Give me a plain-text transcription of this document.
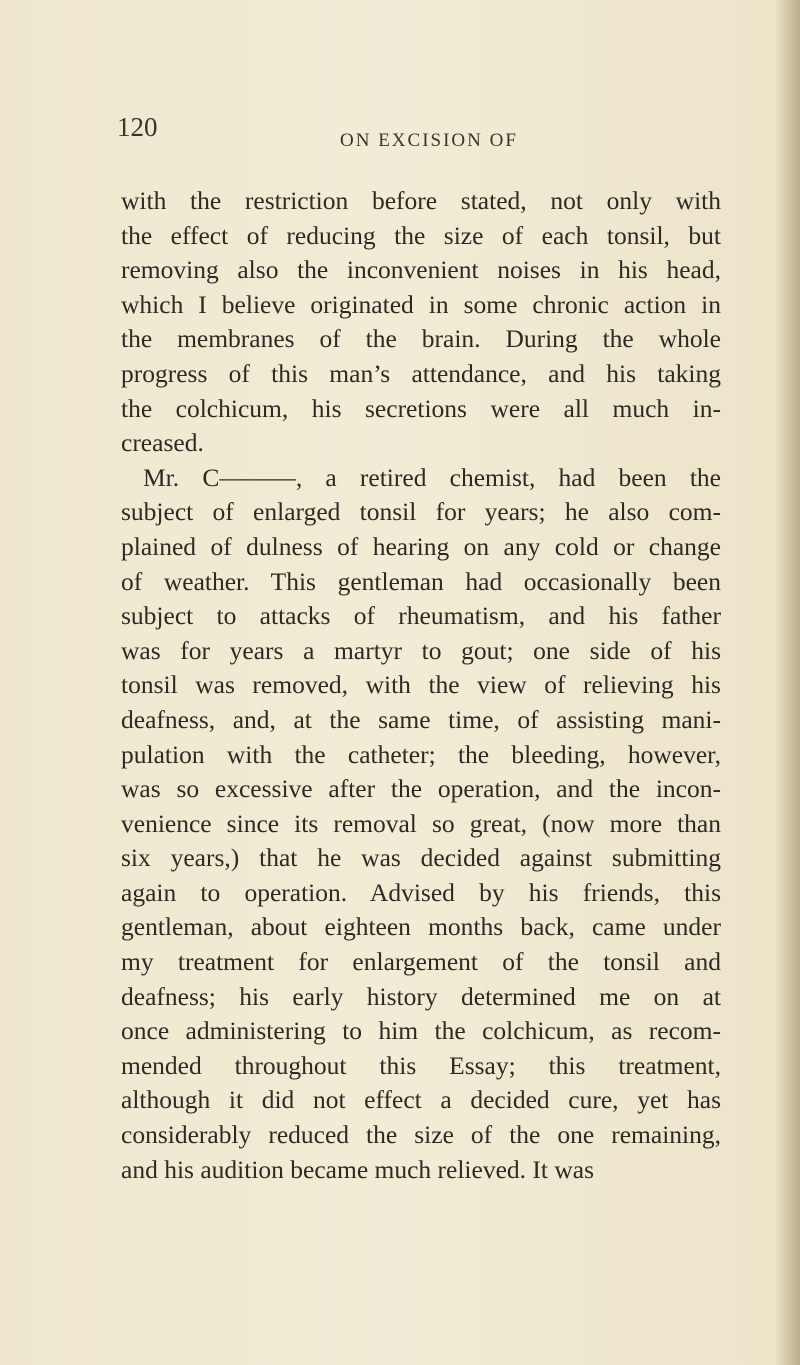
120	ON EXCISION OF
with the restriction before stated, not only with
the effect of reducing the size of each tonsil, but
removing also the inconvenient noises in his head,
which I believe originated in some chronic action in
the membranes of the brain. During the whole
progress of this man’s attendance, and his taking
the colchicum, his secretions were all much in-
creased.
Mr. C———, a retired chemist, had been the
subject of enlarged tonsil for years; he also com-
plained of dulness of hearing on any cold or change
of weather. This gentleman had occasionally been
subject to attacks of rheumatism, and his father
was for years a martyr to gout; one side of his
tonsil was removed, with the view of relieving his
deafness, and, at the same time, of assisting mani-
pulation with the catheter; the bleeding, however,
was so excessive after the operation, and the incon-
venience since its removal so great, (now more than
six years,) that he was decided against submitting
again to operation. Advised by his friends, this
gentleman, about eighteen months back, came under
my treatment for enlargement of the tonsil and
deafness; his early history determined me on at
once administering to him the colchicum, as recom-
mended throughout this Essay; this treatment,
although it did not effect a decided cure, yet has
considerably reduced the size of the one remaining,
and his audition became much relieved. It was
